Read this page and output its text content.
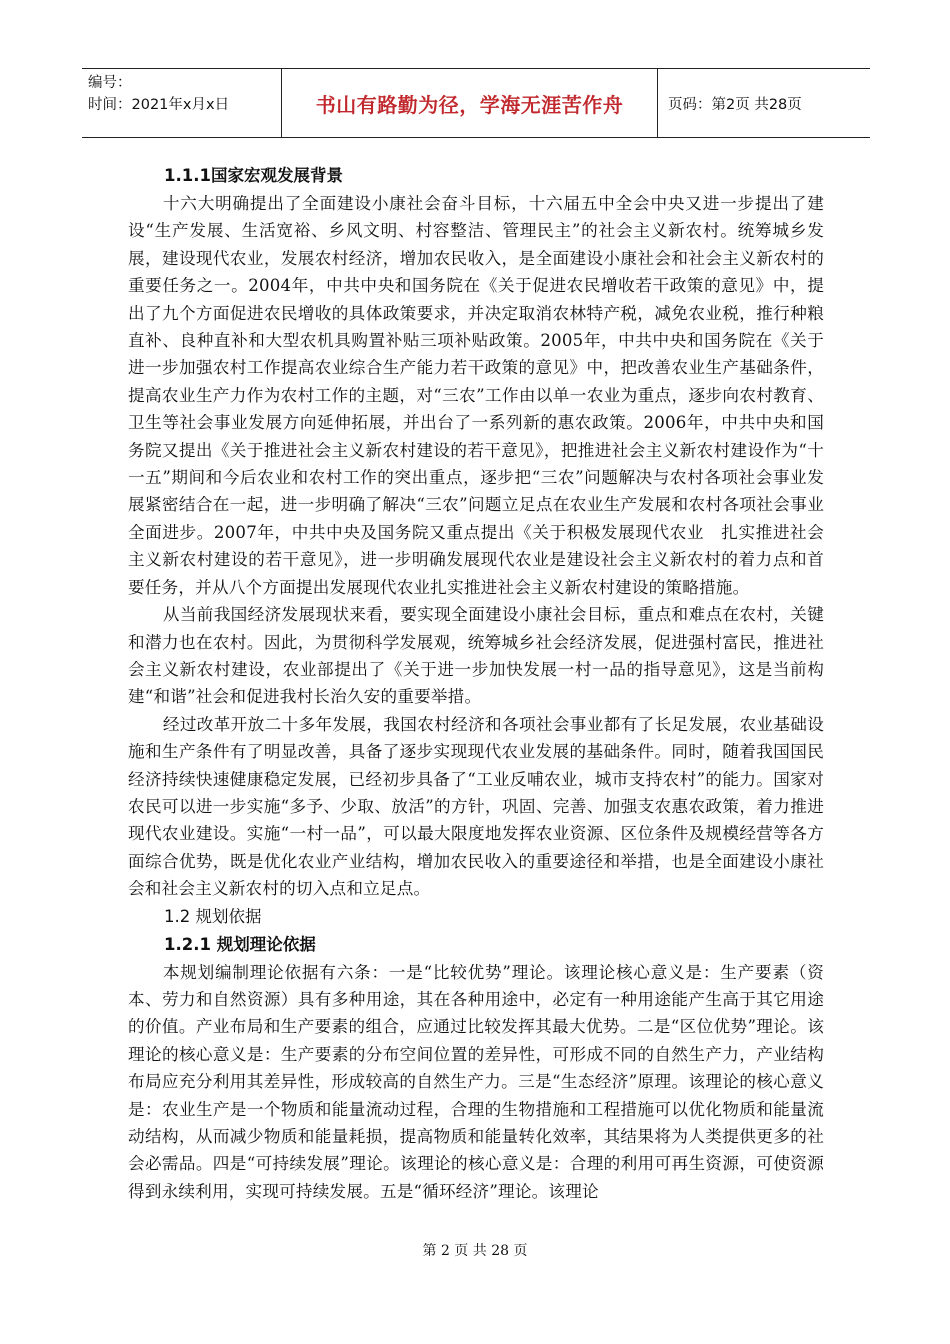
编号：
时间：2021年x月x日	书山有路勤为径，学海无涯苦作舟	页码：第2页 共28页

1.1.1国家宏观发展背景

十六大明确提出了全面建设小康社会奋斗目标，十六届五中全会中央又进一步提出了建设“生产发展、生活宽裕、乡风文明、村容整洁、管理民主”的社会主义新农村。统筹城乡发展，建设现代农业，发展农村经济，增加农民收入，是全面建设小康社会和社会主义新农村的重要任务之一。2004年，中共中央和国务院在《关于促进农民增收若干政策的意见》中，提出了九个方面促进农民增收的具体政策要求，并决定取消农林特产税，减免农业税，推行种粮直补、良种直补和大型农机具购置补贴三项补贴政策。2005年，中共中央和国务院在《关于进一步加强农村工作提高农业综合生产能力若干政策的意见》中，把改善农业生产基础条件，提高农业生产力作为农村工作的主题，对“三农”工作由以单一农业为重点，逐步向农村教育、卫生等社会事业发展方向延伸拓展，并出台了一系列新的惠农政策。2006年，中共中央和国务院又提出《关于推进社会主义新农村建设的若干意见》，把推进社会主义新农村建设作为“十一五”期间和今后农业和农村工作的突出重点，逐步把“三农”问题解决与农村各项社会事业发展紧密结合在一起，进一步明确了解决“三农”问题立足点在农业生产发展和农村各项社会事业全面进步。2007年，中共中央及国务院又重点提出《关于积极发展现代农业　扎实推进社会主义新农村建设的若干意见》，进一步明确发展现代农业是建设社会主义新农村的着力点和首要任务，并从八个方面提出发展现代农业扎实推进社会主义新农村建设的策略措施。

从当前我国经济发展现状来看，要实现全面建设小康社会目标，重点和难点在农村，关键和潜力也在农村。因此，为贯彻科学发展观，统筹城乡社会经济发展，促进强村富民，推进社会主义新农村建设，农业部提出了《关于进一步加快发展一村一品的指导意见》，这是当前构建“和谐”社会和促进我村长治久安的重要举措。

经过改革开放二十多年发展，我国农村经济和各项社会事业都有了长足发展，农业基础设施和生产条件有了明显改善，具备了逐步实现现代农业发展的基础条件。同时，随着我国国民经济持续快速健康稳定发展，已经初步具备了“工业反哺农业，城市支持农村”的能力。国家对农民可以进一步实施“多予、少取、放活”的方针，巩固、完善、加强支农惠农政策，着力推进现代农业建设。实施“一村一品”，可以最大限度地发挥农业资源、区位条件及规模经营等各方面综合优势，既是优化农业产业结构，增加农民收入的重要途径和举措，也是全面建设小康社会和社会主义新农村的切入点和立足点。

1.2 规划依据

1.2.1 规划理论依据

本规划编制理论依据有六条：一是“比较优势”理论。该理论核心意义是：生产要素（资本、劳力和自然资源）具有多种用途，其在各种用途中，必定有一种用途能产生高于其它用途的价值。产业布局和生产要素的组合，应通过比较发挥其最大优势。二是“区位优势”理论。该理论的核心意义是：生产要素的分布空间位置的差异性，可形成不同的自然生产力，产业结构布局应充分利用其差异性，形成较高的自然生产力。三是“生态经济”原理。该理论的核心意义是：农业生产是一个物质和能量流动过程，合理的生物措施和工程措施可以优化物质和能量流动结构，从而减少物质和能量耗损，提高物质和能量转化效率，其结果将为人类提供更多的社会必需品。四是“可持续发展”理论。该理论的核心意义是：合理的利用可再生资源，可使资源得到永续利用，实现可持续发展。五是“循环经济”理论。该理论

第 2 页 共 28 页
